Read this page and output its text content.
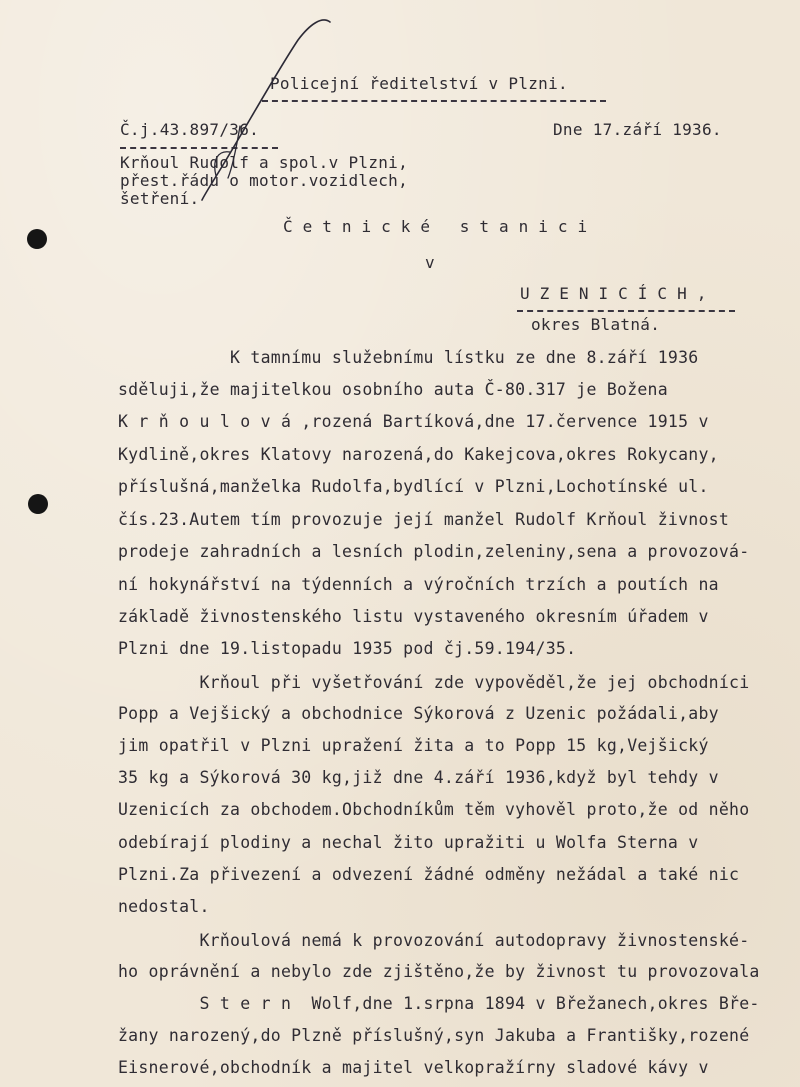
Policejní ředitelství v Plzni.
Č.j.43.897/36.	Dne 17.září 1936.
Krňoul Rudolf a spol.v Plzni,
přest.řádu o motor.vozidlech,
šetření.
Četnické stanici
v
UZENICÍCH,
okres Blatná.
K tamnímu služebnímu lístku ze dne 8.září 1936
sděluji,že majitelkou osobního auta Č-80.317 je Božena
K r ň o u l o v á ,rozená Bartíková,dne 17.července 1915 v
Kydlině,okres Klatovy narozená,do Kakejcova,okres Rokycany,
příslušná,manželka Rudolfa,bydlící v Plzni,Lochotínské ul.
čís.23.Autem tím provozuje její manžel Rudolf Krňoul živnost
prodeje zahradních a lesních plodin,zeleniny,sena a provozová-
ní hokynářství na týdenních a výročních trzích a poutích na
základě živnostenského listu vystaveného okresním úřadem v
Plzni dne 19.listopadu 1935 pod čj.59.194/35.
Krňoul při vyšetřování zde vypověděl,že jej obchodníci
Popp a Vejšický a obchodnice Sýkorová z Uzenic požádali,aby
jim opatřil v Plzni upražení žita a to Popp 15 kg,Vejšický
35 kg a Sýkorová 30 kg,již dne 4.září 1936,když byl tehdy v
Uzenicích za obchodem.Obchodníkům těm vyhověl proto,že od něho
odebírají plodiny a nechal žito upražiti u Wolfa Sterna v
Plzni.Za přivezení a odvezení žádné odměny nežádal a také nic
nedostal.
Krňoulová nemá k provozování autodopravy živnostenské-
ho oprávnění a nebylo zde zjištěno,že by živnost tu provozovala
S t e r n  Wolf,dne 1.srpna 1894 v Břežanech,okres Bře-
žany narozený,do Plzně příslušný,syn Jakuba a Františky,rozené
Eisnerové,obchodník a majitel velkopražírny sladové kávy v
